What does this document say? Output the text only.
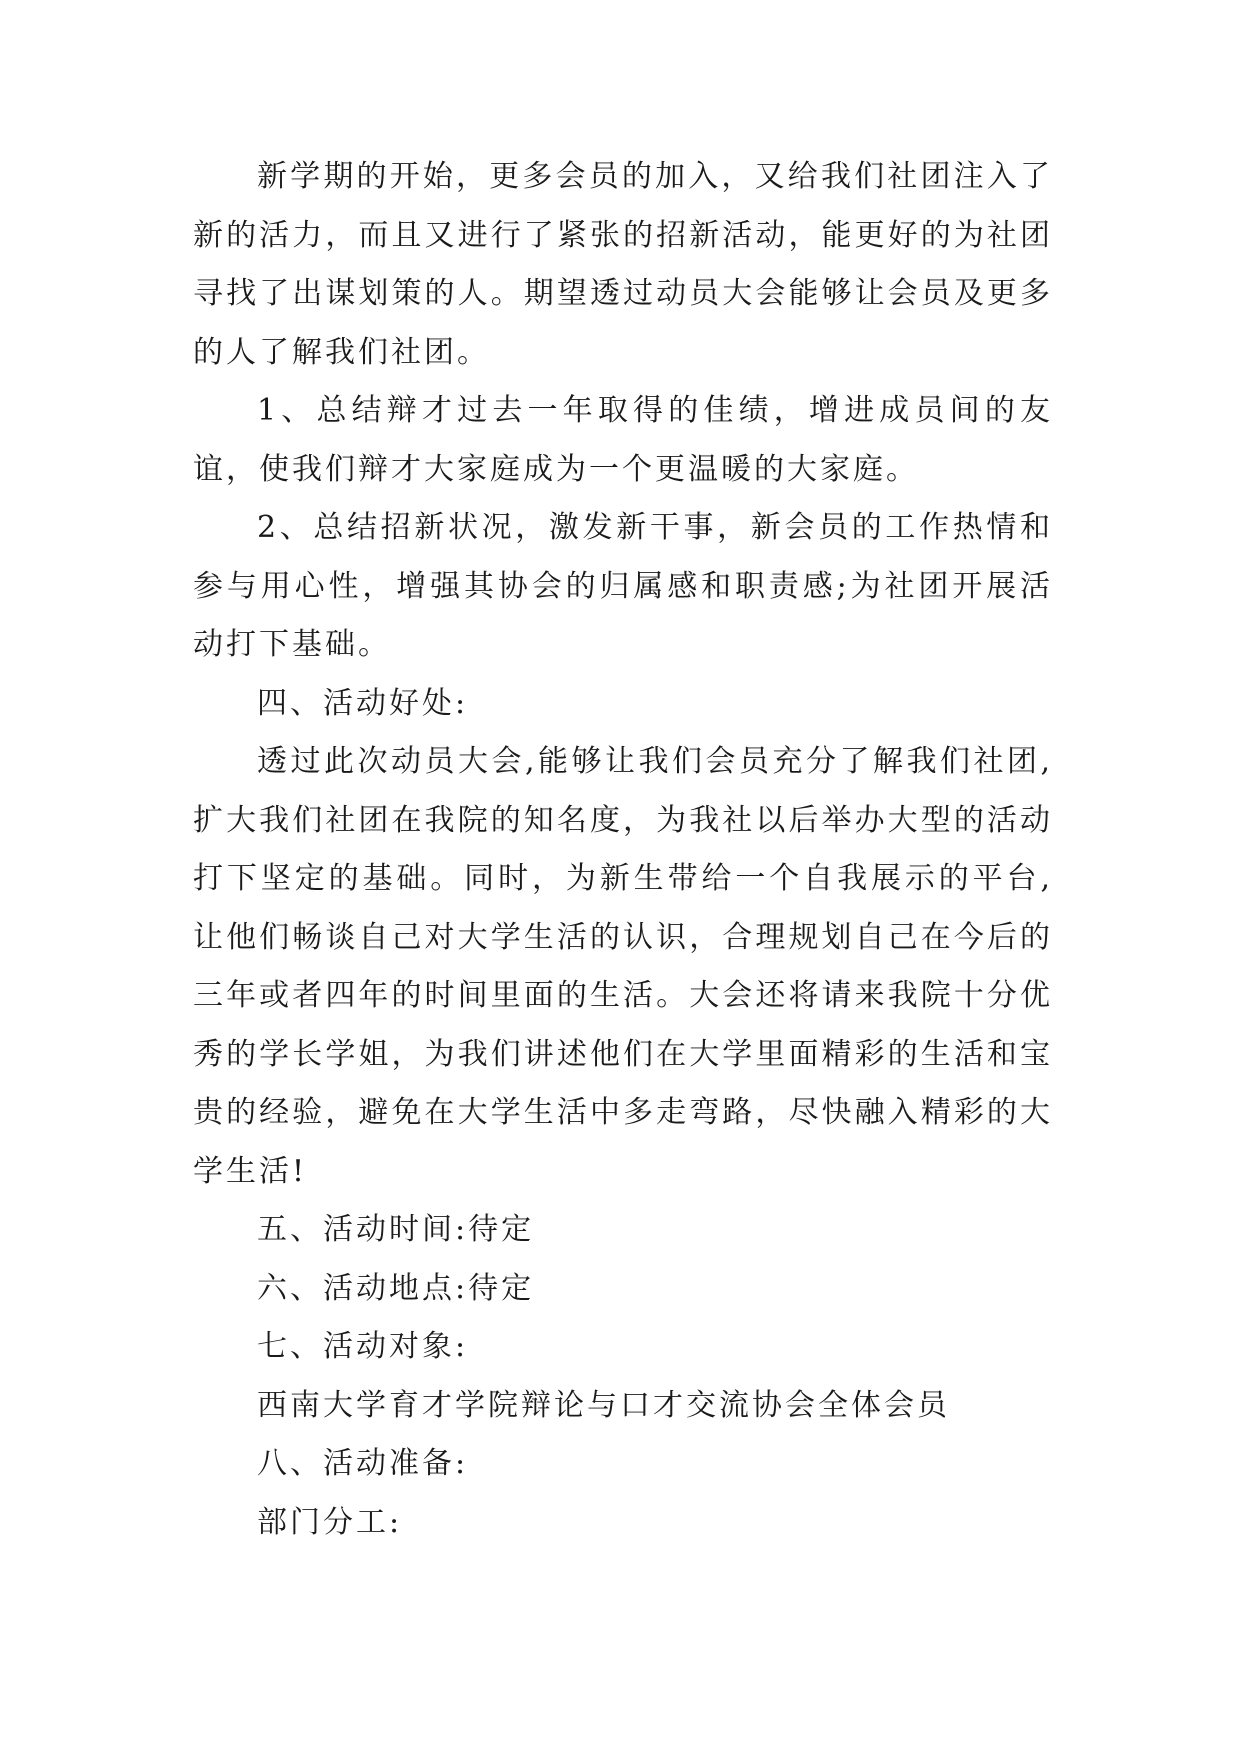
新学期的开始，更多会员的加入，又给我们社团注入了新的活力，而且又进行了紧张的招新活动，能更好的为社团寻找了出谋划策的人。期望透过动员大会能够让会员及更多的人了解我们社团。

1、总结辩才过去一年取得的佳绩，增进成员间的友谊，使我们辩才大家庭成为一个更温暖的大家庭。

2、总结招新状况，激发新干事，新会员的工作热情和参与用心性，增强其协会的归属感和职责感;为社团开展活动打下基础。

四、活动好处:

透过此次动员大会,能够让我们会员充分了解我们社团,扩大我们社团在我院的知名度，为我社以后举办大型的活动打下坚定的基础。同时，为新生带给一个自我展示的平台,让他们畅谈自己对大学生活的认识，合理规划自己在今后的三年或者四年的时间里面的生活。大会还将请来我院十分优秀的学长学姐，为我们讲述他们在大学里面精彩的生活和宝贵的经验，避免在大学生活中多走弯路，尽快融入精彩的大学生活!

五、活动时间:待定

六、活动地点:待定

七、活动对象:

西南大学育才学院辩论与口才交流协会全体会员

八、活动准备:

部门分工:
